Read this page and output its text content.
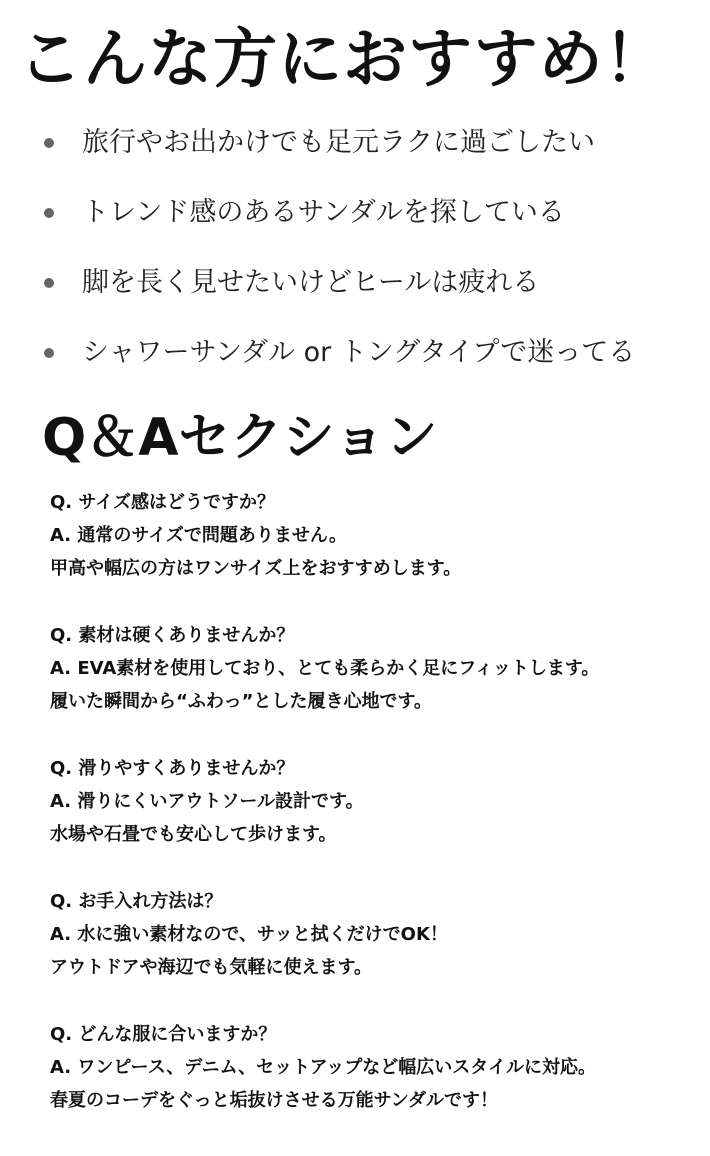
こんな方におすすめ！
旅行やお出かけでも足元ラクに過ごしたい
トレンド感のあるサンダルを探している
脚を長く見せたいけどヒールは疲れる
シャワーサンダル or トングタイプで迷ってる
Q＆Aセクション
Q. サイズ感はどうですか？
A. 通常のサイズで問題ありません。
甲高や幅広の方はワンサイズ上をおすすめします。
Q. 素材は硬くありませんか？
A. EVA素材を使用しており、とても柔らかく足にフィットします。
履いた瞬間から“ふわっ”とした履き心地です。
Q. 滑りやすくありませんか？
A. 滑りにくいアウトソール設計です。
水場や石畳でも安心して歩けます。
Q. お手入れ方法は？
A. 水に強い素材なので、サッと拭くだけでOK！
アウトドアや海辺でも気軽に使えます。
Q. どんな服に合いますか？
A. ワンピース、デニム、セットアップなど幅広いスタイルに対応。
春夏のコーデをぐっと垢抜けさせる万能サンダルです！
